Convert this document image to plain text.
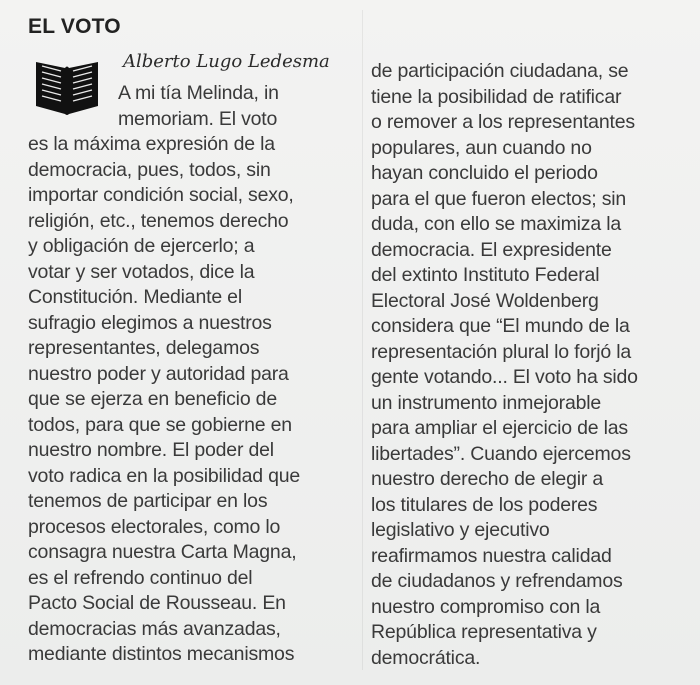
EL VOTO
Alberto Lugo Ledesma
A mi tía Melinda, in
memoriam. El voto
es la máxima expresión de la
democracia, pues, todos, sin
importar condición social, sexo,
religión, etc., tenemos derecho
y obligación de ejercerlo; a
votar y ser votados, dice la
Constitución. Mediante el
sufragio elegimos a nuestros
representantes, delegamos
nuestro poder y autoridad para
que se ejerza en beneficio de
todos, para que se gobierne en
nuestro nombre. El poder del
voto radica en la posibilidad que
tenemos de participar en los
procesos electorales, como lo
consagra nuestra Carta Magna,
es el refrendo continuo del
Pacto Social de Rousseau. En
democracias más avanzadas,
mediante distintos mecanismos
de participación ciudadana, se
tiene la posibilidad de ratificar
o remover a los representantes
populares, aun cuando no
hayan concluido el periodo
para el que fueron electos; sin
duda, con ello se maximiza la
democracia. El expresidente
del extinto Instituto Federal
Electoral José Woldenberg
considera que “El mundo de la
representación plural lo forjó la
gente votando... El voto ha sido
un instrumento inmejorable
para ampliar el ejercicio de las
libertades”. Cuando ejercemos
nuestro derecho de elegir a
los titulares de los poderes
legislativo y ejecutivo
reafirmamos nuestra calidad
de ciudadanos y refrendamos
nuestro compromiso con la
República representativa y
democrática.
